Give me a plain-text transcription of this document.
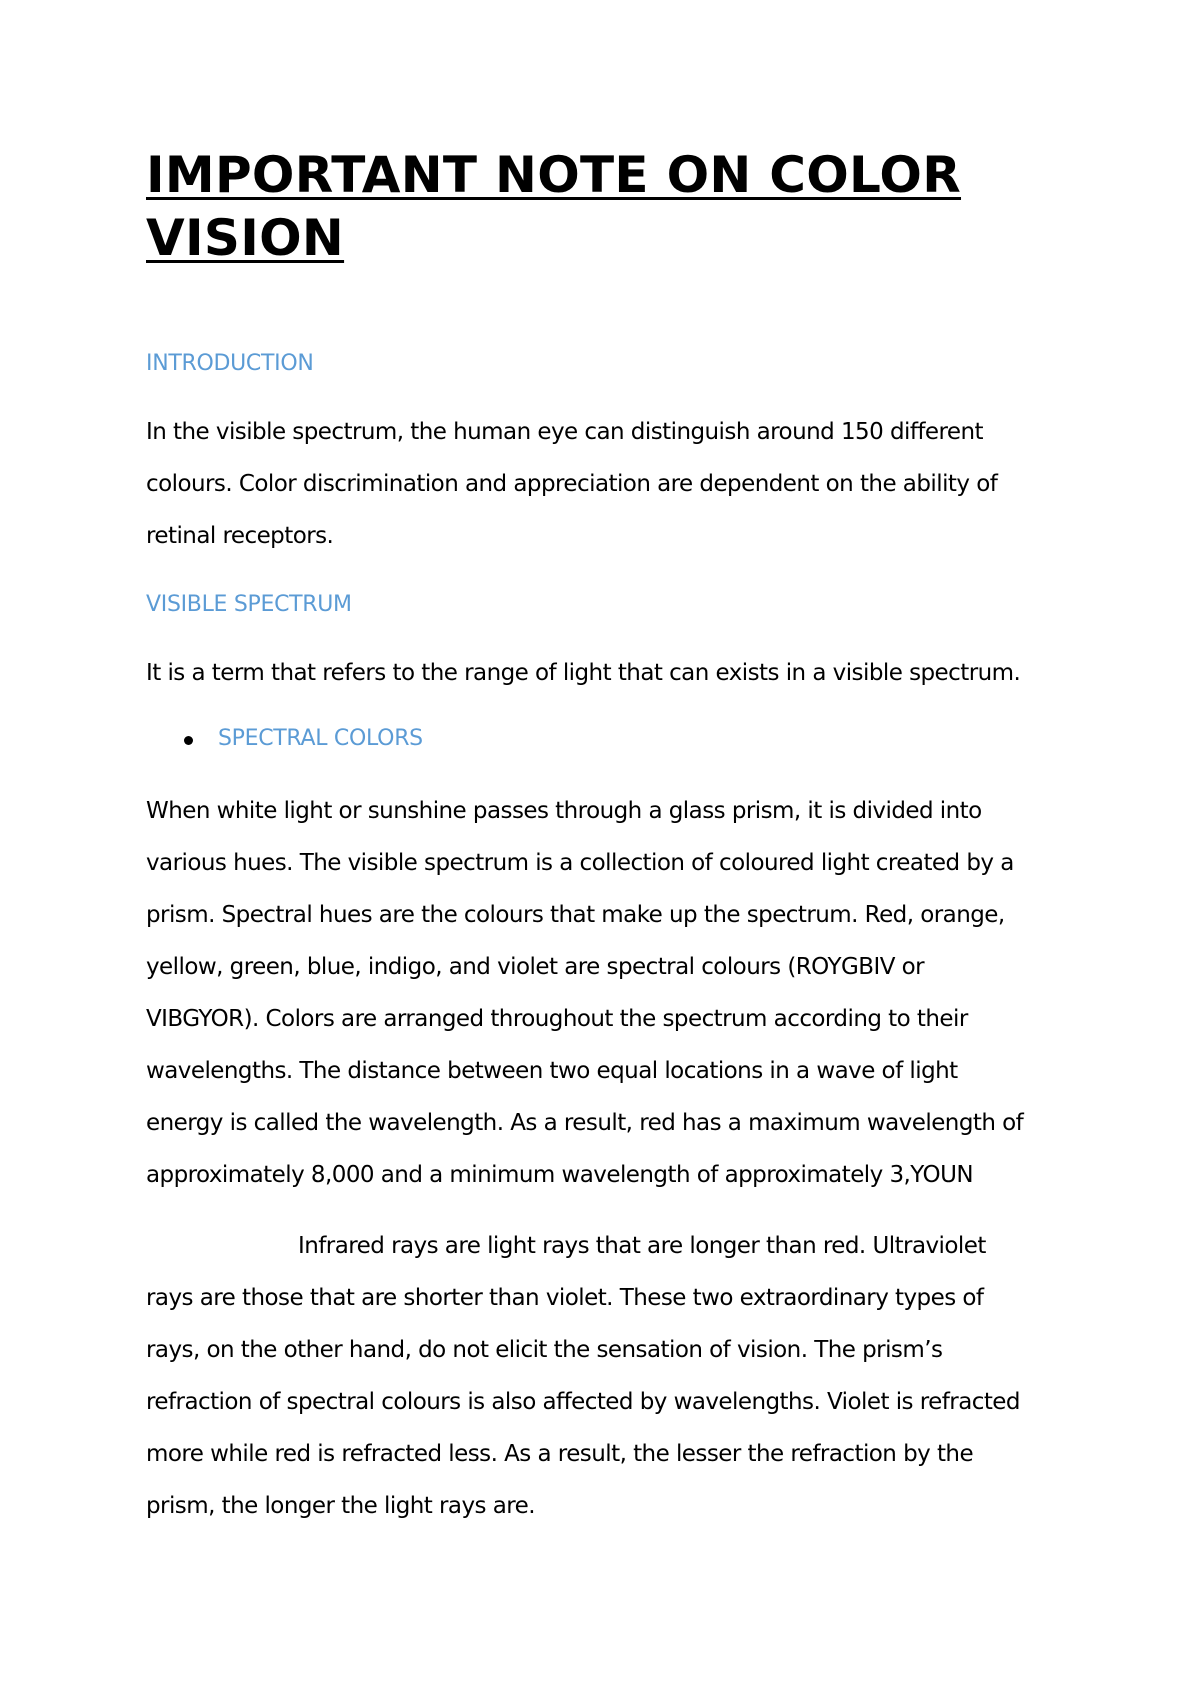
IMPORTANT NOTE ON COLOR
VISION
INTRODUCTION
In the visible spectrum, the human eye can distinguish around 150 different
colours. Color discrimination and appreciation are dependent on the ability of
retinal receptors.
VISIBLE SPECTRUM
It is a term that refers to the range of light that can exists in a visible spectrum.
SPECTRAL COLORS
When white light or sunshine passes through a glass prism, it is divided into
various hues. The visible spectrum is a collection of coloured light created by a
prism. Spectral hues are the colours that make up the spectrum. Red, orange,
yellow, green, blue, indigo, and violet are spectral colours (ROYGBIV or
VIBGYOR). Colors are arranged throughout the spectrum according to their
wavelengths. The distance between two equal locations in a wave of light
energy is called the wavelength. As a result, red has a maximum wavelength of
approximately 8,000 and a minimum wavelength of approximately 3,YOUN
Infrared rays are light rays that are longer than red. Ultraviolet
rays are those that are shorter than violet. These two extraordinary types of
rays, on the other hand, do not elicit the sensation of vision. The prism’s
refraction of spectral colours is also affected by wavelengths. Violet is refracted
more while red is refracted less. As a result, the lesser the refraction by the
prism, the longer the light rays are.
